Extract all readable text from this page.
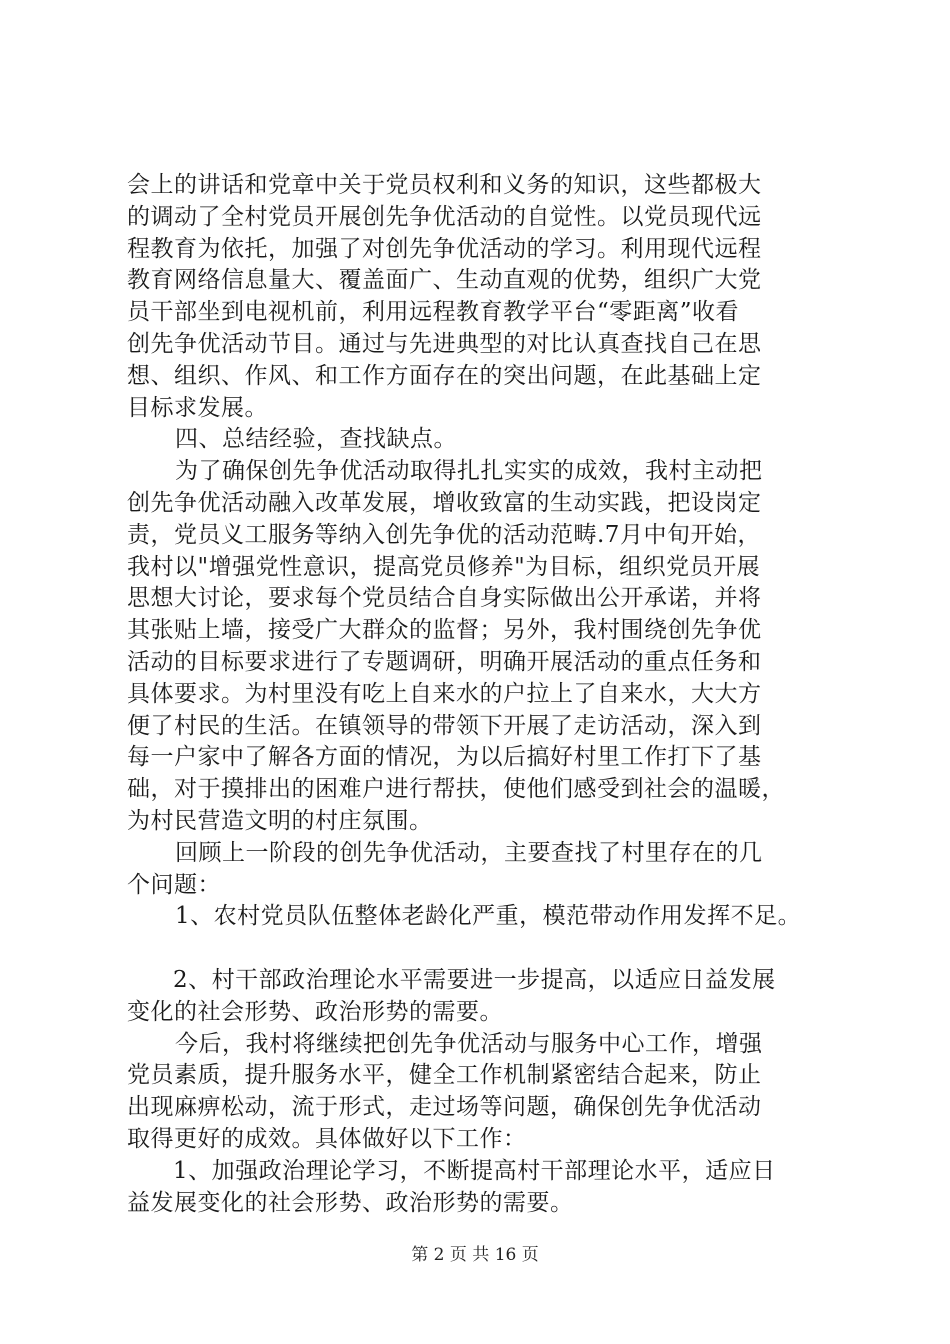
会上的讲话和党章中关于党员权利和义务的知识，这些都极大
的调动了全村党员开展创先争优活动的自觉性。以党员现代远
程教育为依托，加强了对创先争优活动的学习。利用现代远程
教育网络信息量大、覆盖面广、生动直观的优势，组织广大党
员干部坐到电视机前，利用远程教育教学平台“零距离”收看
创先争优活动节目。通过与先进典型的对比认真查找自己在思
想、组织、作风、和工作方面存在的突出问题，在此基础上定
目标求发展。
四、总结经验，查找缺点。
为了确保创先争优活动取得扎扎实实的成效，我村主动把
创先争优活动融入改革发展，增收致富的生动实践，把设岗定
责，党员义工服务等纳入创先争优的活动范畴.7月中旬开始，
我村以"增强党性意识，提高党员修养"为目标，组织党员开展
思想大讨论，要求每个党员结合自身实际做出公开承诺，并将
其张贴上墙，接受广大群众的监督；另外，我村围绕创先争优
活动的目标要求进行了专题调研，明确开展活动的重点任务和
具体要求。为村里没有吃上自来水的户拉上了自来水，大大方
便了村民的生活。在镇领导的带领下开展了走访活动，深入到
每一户家中了解各方面的情况，为以后搞好村里工作打下了基
础，对于摸排出的困难户进行帮扶，使他们感受到社会的温暖，
为村民营造文明的村庄氛围。
回顾上一阶段的创先争优活动，主要查找了村里存在的几
个问题：
1、农村党员队伍整体老龄化严重，模范带动作用发挥不足。
2、村干部政治理论水平需要进一步提高，以适应日益发展
变化的社会形势、政治形势的需要。
今后，我村将继续把创先争优活动与服务中心工作，增强
党员素质，提升服务水平，健全工作机制紧密结合起来，防止
出现麻痹松动，流于形式，走过场等问题，确保创先争优活动
取得更好的成效。具体做好以下工作：
1、加强政治理论学习，不断提高村干部理论水平，适应日
益发展变化的社会形势、政治形势的需要。
第 2 页 共 16 页
